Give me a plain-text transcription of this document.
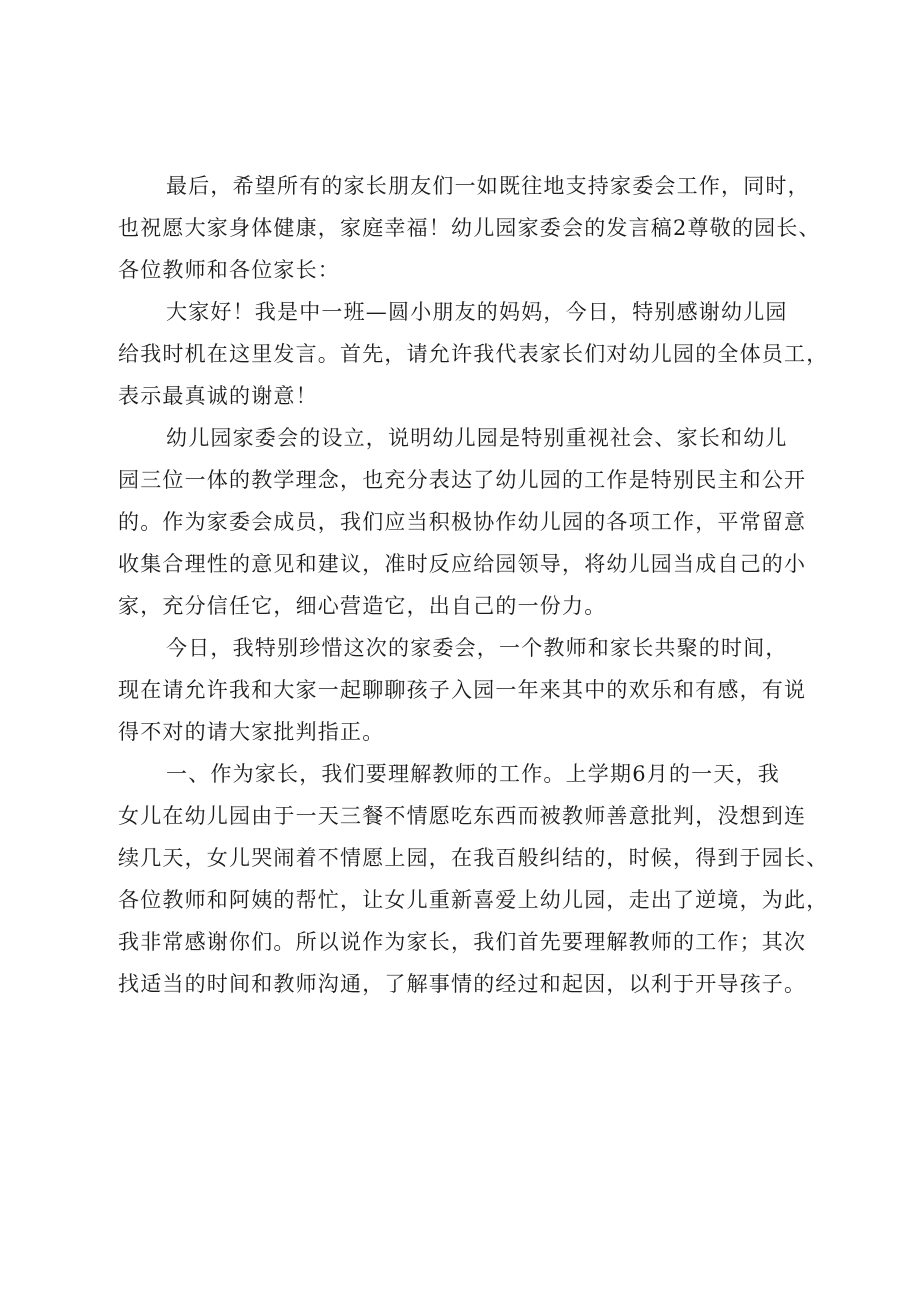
最后，希望所有的家长朋友们一如既往地支持家委会工作，同时，
也祝愿大家身体健康，家庭幸福！幼儿园家委会的发言稿2尊敬的园长、
各位教师和各位家长：

大家好！我是中一班—圆小朋友的妈妈，今日，特别感谢幼儿园
给我时机在这里发言。首先，请允许我代表家长们对幼儿园的全体员工，
表示最真诚的谢意！

幼儿园家委会的设立，说明幼儿园是特别重视社会、家长和幼儿
园三位一体的教学理念，也充分表达了幼儿园的工作是特别民主和公开
的。作为家委会成员，我们应当积极协作幼儿园的各项工作，平常留意
收集合理性的意见和建议，准时反应给园领导，将幼儿园当成自己的小
家，充分信任它，细心营造它，出自己的一份力。

今日，我特别珍惜这次的家委会，一个教师和家长共聚的时间，
现在请允许我和大家一起聊聊孩子入园一年来其中的欢乐和有感，有说
得不对的请大家批判指正。

一、作为家长，我们要理解教师的工作。上学期6月的一天，我
女儿在幼儿园由于一天三餐不情愿吃东西而被教师善意批判，没想到连
续几天，女儿哭闹着不情愿上园，在我百般纠结的，时候，得到于园长、
各位教师和阿姨的帮忙，让女儿重新喜爱上幼儿园，走出了逆境，为此，
我非常感谢你们。所以说作为家长，我们首先要理解教师的工作；其次
找适当的时间和教师沟通，了解事情的经过和起因，以利于开导孩子。
